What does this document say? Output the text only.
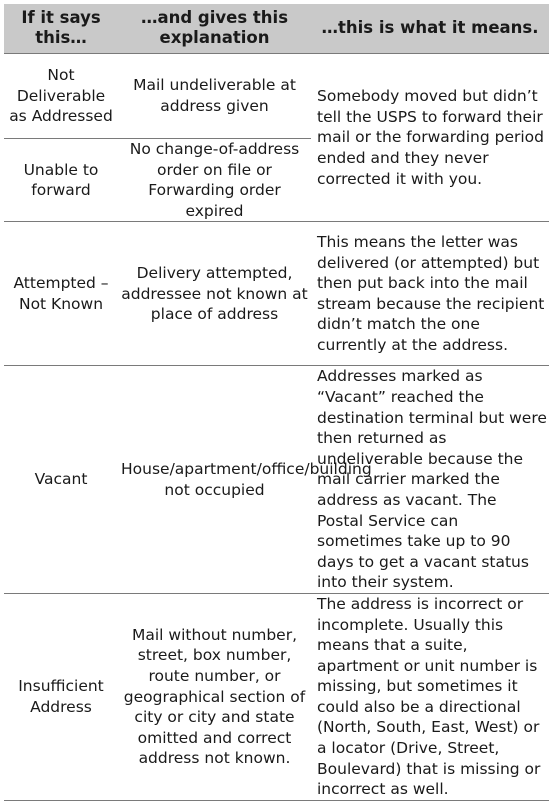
If it says this…	…and gives this explanation	…this is what it means.
Not Deliverable as Addressed	Mail undeliverable at address given	Somebody moved but didn’t tell the USPS to forward their mail or the forwarding period ended and they never corrected it with you.
Unable to forward	No change-of-address order on file or Forwarding order expired	
Attempted – Not Known	Delivery attempted, addressee not known at place of address	This means the letter was delivered (or attempted) but then put back into the mail stream because the recipient didn’t match the one currently at the address.
Vacant	House/apartment/office/building not occupied	Addresses marked as “Vacant” reached the destination terminal but were then returned as undeliverable because the mail carrier marked the address as vacant. The Postal Service can sometimes take up to 90 days to get a vacant status into their system.
Insufficient Address	Mail without number, street, box number, route number, or geographical section of city or city and state omitted and correct address not known.	The address is incorrect or incomplete. Usually this means that a suite, apartment or unit number is missing, but sometimes it could also be a directional (North, South, East, West) or a locator (Drive, Street, Boulevard) that is missing or incorrect as well.
